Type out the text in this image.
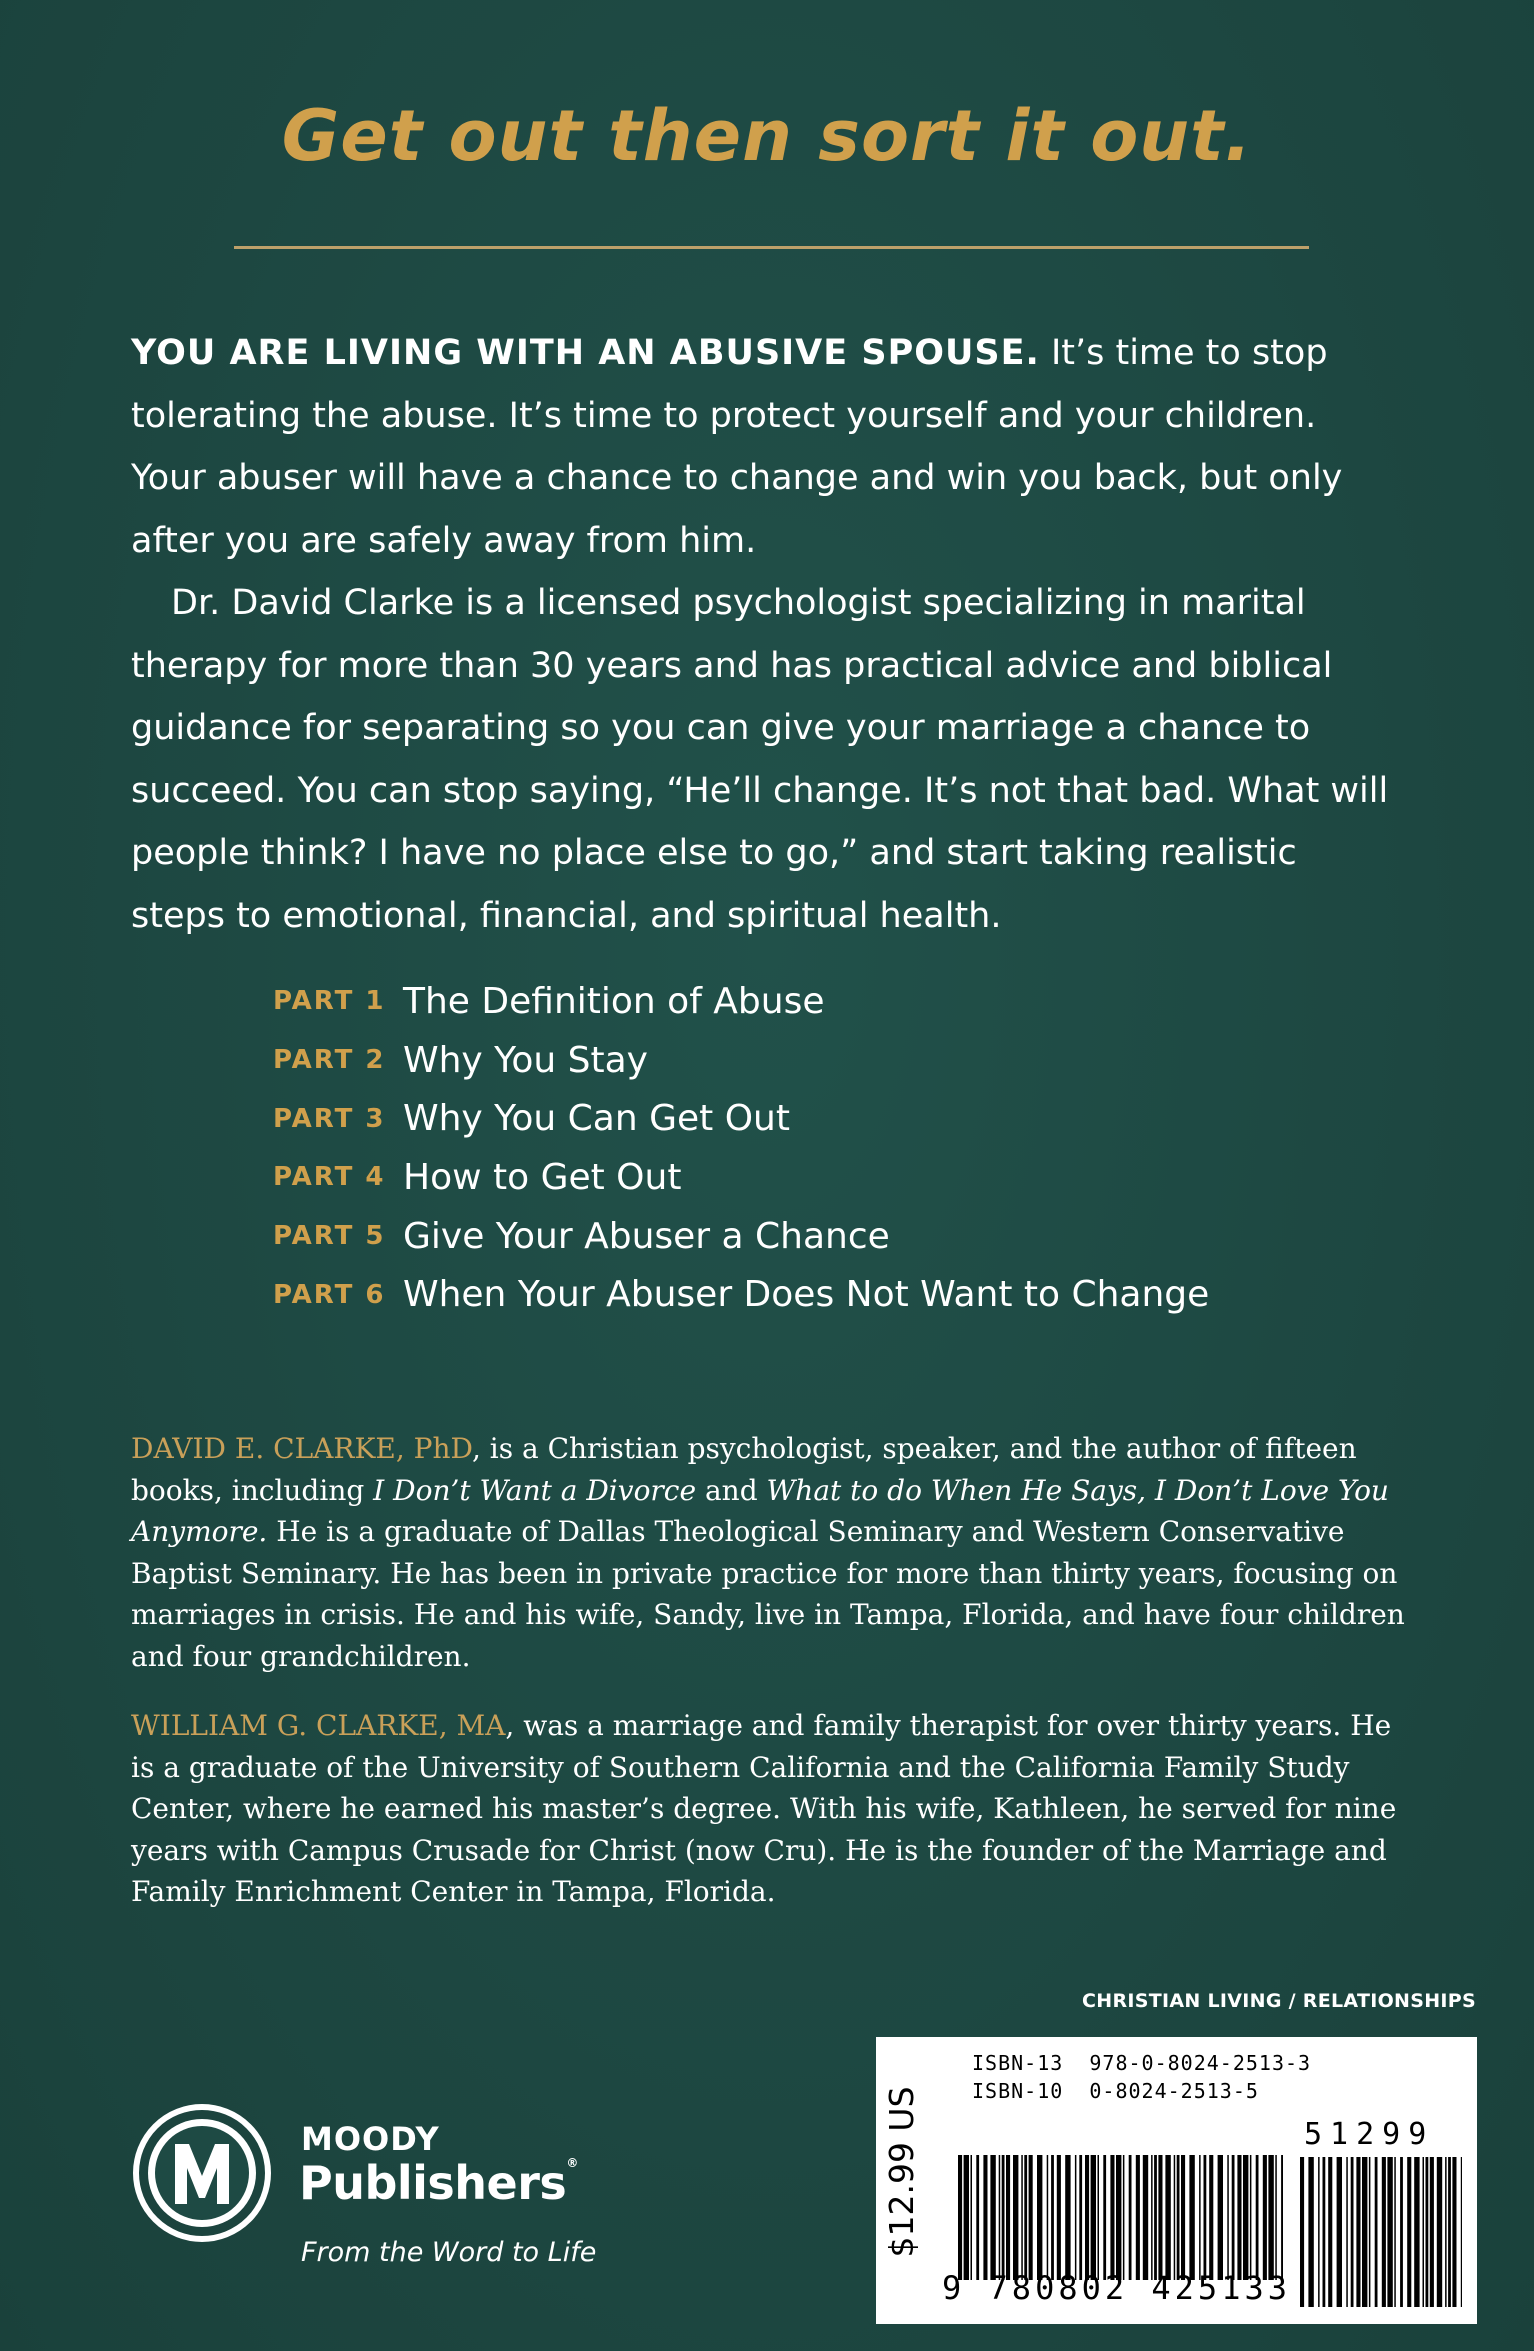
Get out then sort it out.

YOU ARE LIVING WITH AN ABUSIVE SPOUSE. It’s time to stop tolerating the abuse. It’s time to protect yourself and your children. Your abuser will have a chance to change and win you back, but only after you are safely away from him.

Dr. David Clarke is a licensed psychologist specializing in marital therapy for more than 30 years and has practical advice and biblical guidance for separating so you can give your marriage a chance to succeed. You can stop saying, “He’ll change. It’s not that bad. What will people think? I have no place else to go,” and start taking realistic steps to emotional, financial, and spiritual health.

PART 1 The Definition of Abuse
PART 2 Why You Stay
PART 3 Why You Can Get Out
PART 4 How to Get Out
PART 5 Give Your Abuser a Chance
PART 6 When Your Abuser Does Not Want to Change

DAVID E. CLARKE, PhD, is a Christian psychologist, speaker, and the author of fifteen books, including I Don’t Want a Divorce and What to do When He Says, I Don’t Love You Anymore. He is a graduate of Dallas Theological Seminary and Western Conservative Baptist Seminary. He has been in private practice for more than thirty years, focusing on marriages in crisis. He and his wife, Sandy, live in Tampa, Florida, and have four children and four grandchildren.

WILLIAM G. CLARKE, MA, was a marriage and family therapist for over thirty years. He is a graduate of the University of Southern California and the California Family Study Center, where he earned his master’s degree. With his wife, Kathleen, he served for nine years with Campus Crusade for Christ (now Cru). He is the founder of the Marriage and Family Enrichment Center in Tampa, Florida.

CHRISTIAN LIVING / RELATIONSHIPS
MOODY
Publishers®
From the Word to Life	$12.99 US
ISBN-13  978-0-8024-2513-3
ISBN-10  0-8024-2513-5
51299
9 780802 425133
